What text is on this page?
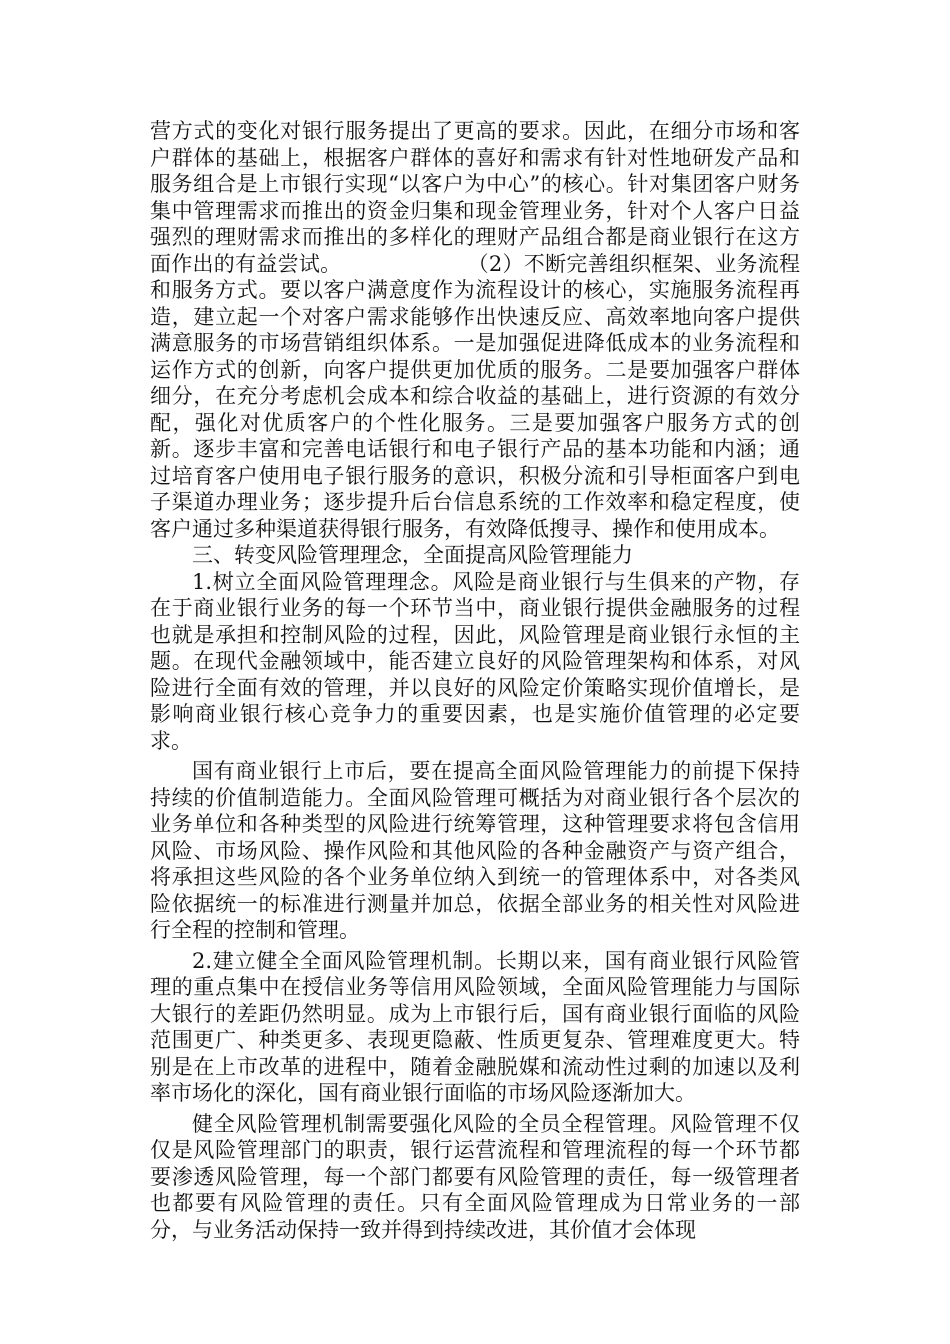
营方式的变化对银行服务提出了更高的要求。因此，在细分市场和客户群体的基础上，根据客户群体的喜好和需求有针对性地研发产品和服务组合是上市银行实现“以客户为中心”的核心。针对集团客户财务集中管理需求而推出的资金归集和现金管理业务，针对个人客户日益强烈的理财需求而推出的多样化的理财产品组合都是商业银行在这方面作出的有益尝试。	（2）不断完善组织框架、业务流程和服务方式。要以客户满意度作为流程设计的核心，实施服务流程再造，建立起一个对客户需求能够作出快速反应、高效率地向客户提供满意服务的市场营销组织体系。一是加强促进降低成本的业务流程和运作方式的创新，向客户提供更加优质的服务。二是要加强客户群体细分，在充分考虑机会成本和综合收益的基础上，进行资源的有效分配，强化对优质客户的个性化服务。三是要加强客户服务方式的创新。逐步丰富和完善电话银行和电子银行产品的基本功能和内涵；通过培育客户使用电子银行服务的意识，积极分流和引导柜面客户到电子渠道办理业务；逐步提升后台信息系统的工作效率和稳定程度，使客户通过多种渠道获得银行服务，有效降低搜寻、操作和使用成本。

三、转变风险管理理念，全面提高风险管理能力

1.树立全面风险管理理念。风险是商业银行与生俱来的产物，存在于商业银行业务的每一个环节当中，商业银行提供金融服务的过程也就是承担和控制风险的过程，因此，风险管理是商业银行永恒的主题。在现代金融领域中，能否建立良好的风险管理架构和体系，对风险进行全面有效的管理，并以良好的风险定价策略实现价值增长，是影响商业银行核心竞争力的重要因素，也是实施价值管理的必定要求。

国有商业银行上市后，要在提高全面风险管理能力的前提下保持持续的价值制造能力。全面风险管理可概括为对商业银行各个层次的业务单位和各种类型的风险进行统筹管理，这种管理要求将包含信用风险、市场风险、操作风险和其他风险的各种金融资产与资产组合，将承担这些风险的各个业务单位纳入到统一的管理体系中，对各类风险依据统一的标准进行测量并加总，依据全部业务的相关性对风险进行全程的控制和管理。

2.建立健全全面风险管理机制。长期以来，国有商业银行风险管理的重点集中在授信业务等信用风险领域，全面风险管理能力与国际大银行的差距仍然明显。成为上市银行后，国有商业银行面临的风险范围更广、种类更多、表现更隐蔽、性质更复杂、管理难度更大。特别是在上市改革的进程中，随着金融脱媒和流动性过剩的加速以及利率市场化的深化，国有商业银行面临的市场风险逐渐加大。

健全风险管理机制需要强化风险的全员全程管理。风险管理不仅仅是风险管理部门的职责，银行运营流程和管理流程的每一个环节都要渗透风险管理，每一个部门都要有风险管理的责任，每一级管理者也都要有风险管理的责任。只有全面风险管理成为日常业务的一部分，与业务活动保持一致并得到持续改进，其价值才会体现
